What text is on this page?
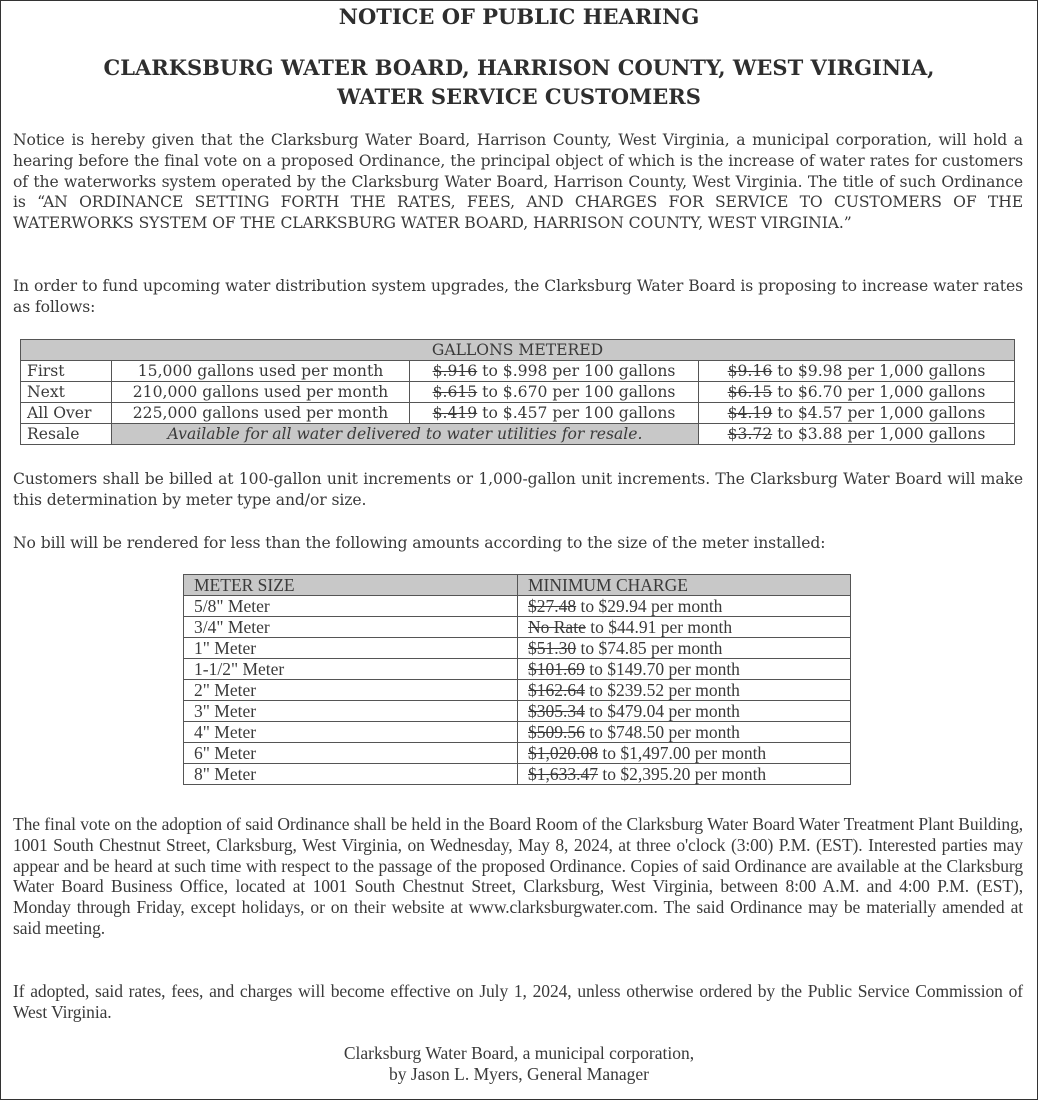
NOTICE OF PUBLIC HEARING
CLARKSBURG WATER BOARD, HARRISON COUNTY, WEST VIRGINIA,
WATER SERVICE CUSTOMERS
Notice is hereby given that the Clarksburg Water Board, Harrison County, West Virginia, a municipal corporation, will hold a hearing before the final vote on a proposed Ordinance, the principal object of which is the increase of water rates for customers of the waterworks system operated by the Clarksburg Water Board, Harrison County, West Virginia. The title of such Ordinance is “AN ORDINANCE SETTING FORTH THE RATES, FEES, AND CHARGES FOR SERVICE TO CUSTOMERS OF THE WATERWORKS SYSTEM OF THE CLARKSBURG WATER BOARD, HARRISON COUNTY, WEST VIRGINIA.”
In order to fund upcoming water distribution system upgrades, the Clarksburg Water Board is proposing to increase water rates as follows:
GALLONS METERED			
First	15,000 gallons used per month	$.916 to $.998 per 100 gallons	$9.16 to $9.98 per 1,000 gallons
Next	210,000 gallons used per month	$.615 to $.670 per 100 gallons	$6.15 to $6.70 per 1,000 gallons
All Over	225,000 gallons used per month	$.419 to $.457 per 100 gallons	$4.19 to $4.57 per 1,000 gallons
Resale	Available for all water delivered to water utilities for resale.		$3.72 to $3.88 per 1,000 gallons
Customers shall be billed at 100-gallon unit increments or 1,000-gallon unit increments. The Clarksburg Water Board will make this determination by meter type and/or size.
No bill will be rendered for less than the following amounts according to the size of the meter installed:
METER SIZE	MINIMUM CHARGE
5/8" Meter	$27.48 to $29.94 per month
3/4" Meter	No Rate to $44.91 per month
1" Meter	$51.30 to $74.85 per month
1-1/2" Meter	$101.69 to $149.70 per month
2" Meter	$162.64 to $239.52 per month
3" Meter	$305.34 to $479.04 per month
4" Meter	$509.56 to $748.50 per month
6" Meter	$1,020.08 to $1,497.00 per month
8" Meter	$1,633.47 to $2,395.20 per month
The final vote on the adoption of said Ordinance shall be held in the Board Room of the Clarksburg Water Board Water Treatment Plant Building, 1001 South Chestnut Street, Clarksburg, West Virginia, on Wednesday, May 8, 2024, at three o'clock (3:00) P.M. (EST). Interested parties may appear and be heard at such time with respect to the passage of the proposed Ordinance. Copies of said Ordinance are available at the Clarksburg Water Board Business Office, located at 1001 South Chestnut Street, Clarksburg, West Virginia, between 8:00 A.M. and 4:00 P.M. (EST), Monday through Friday, except holidays, or on their website at www.clarksburgwater.com. The said Ordinance may be materially amended at said meeting.
If adopted, said rates, fees, and charges will become effective on July 1, 2024, unless otherwise ordered by the Public Service Commission of West Virginia.
Clarksburg Water Board, a municipal corporation,
by Jason L. Myers, General Manager
